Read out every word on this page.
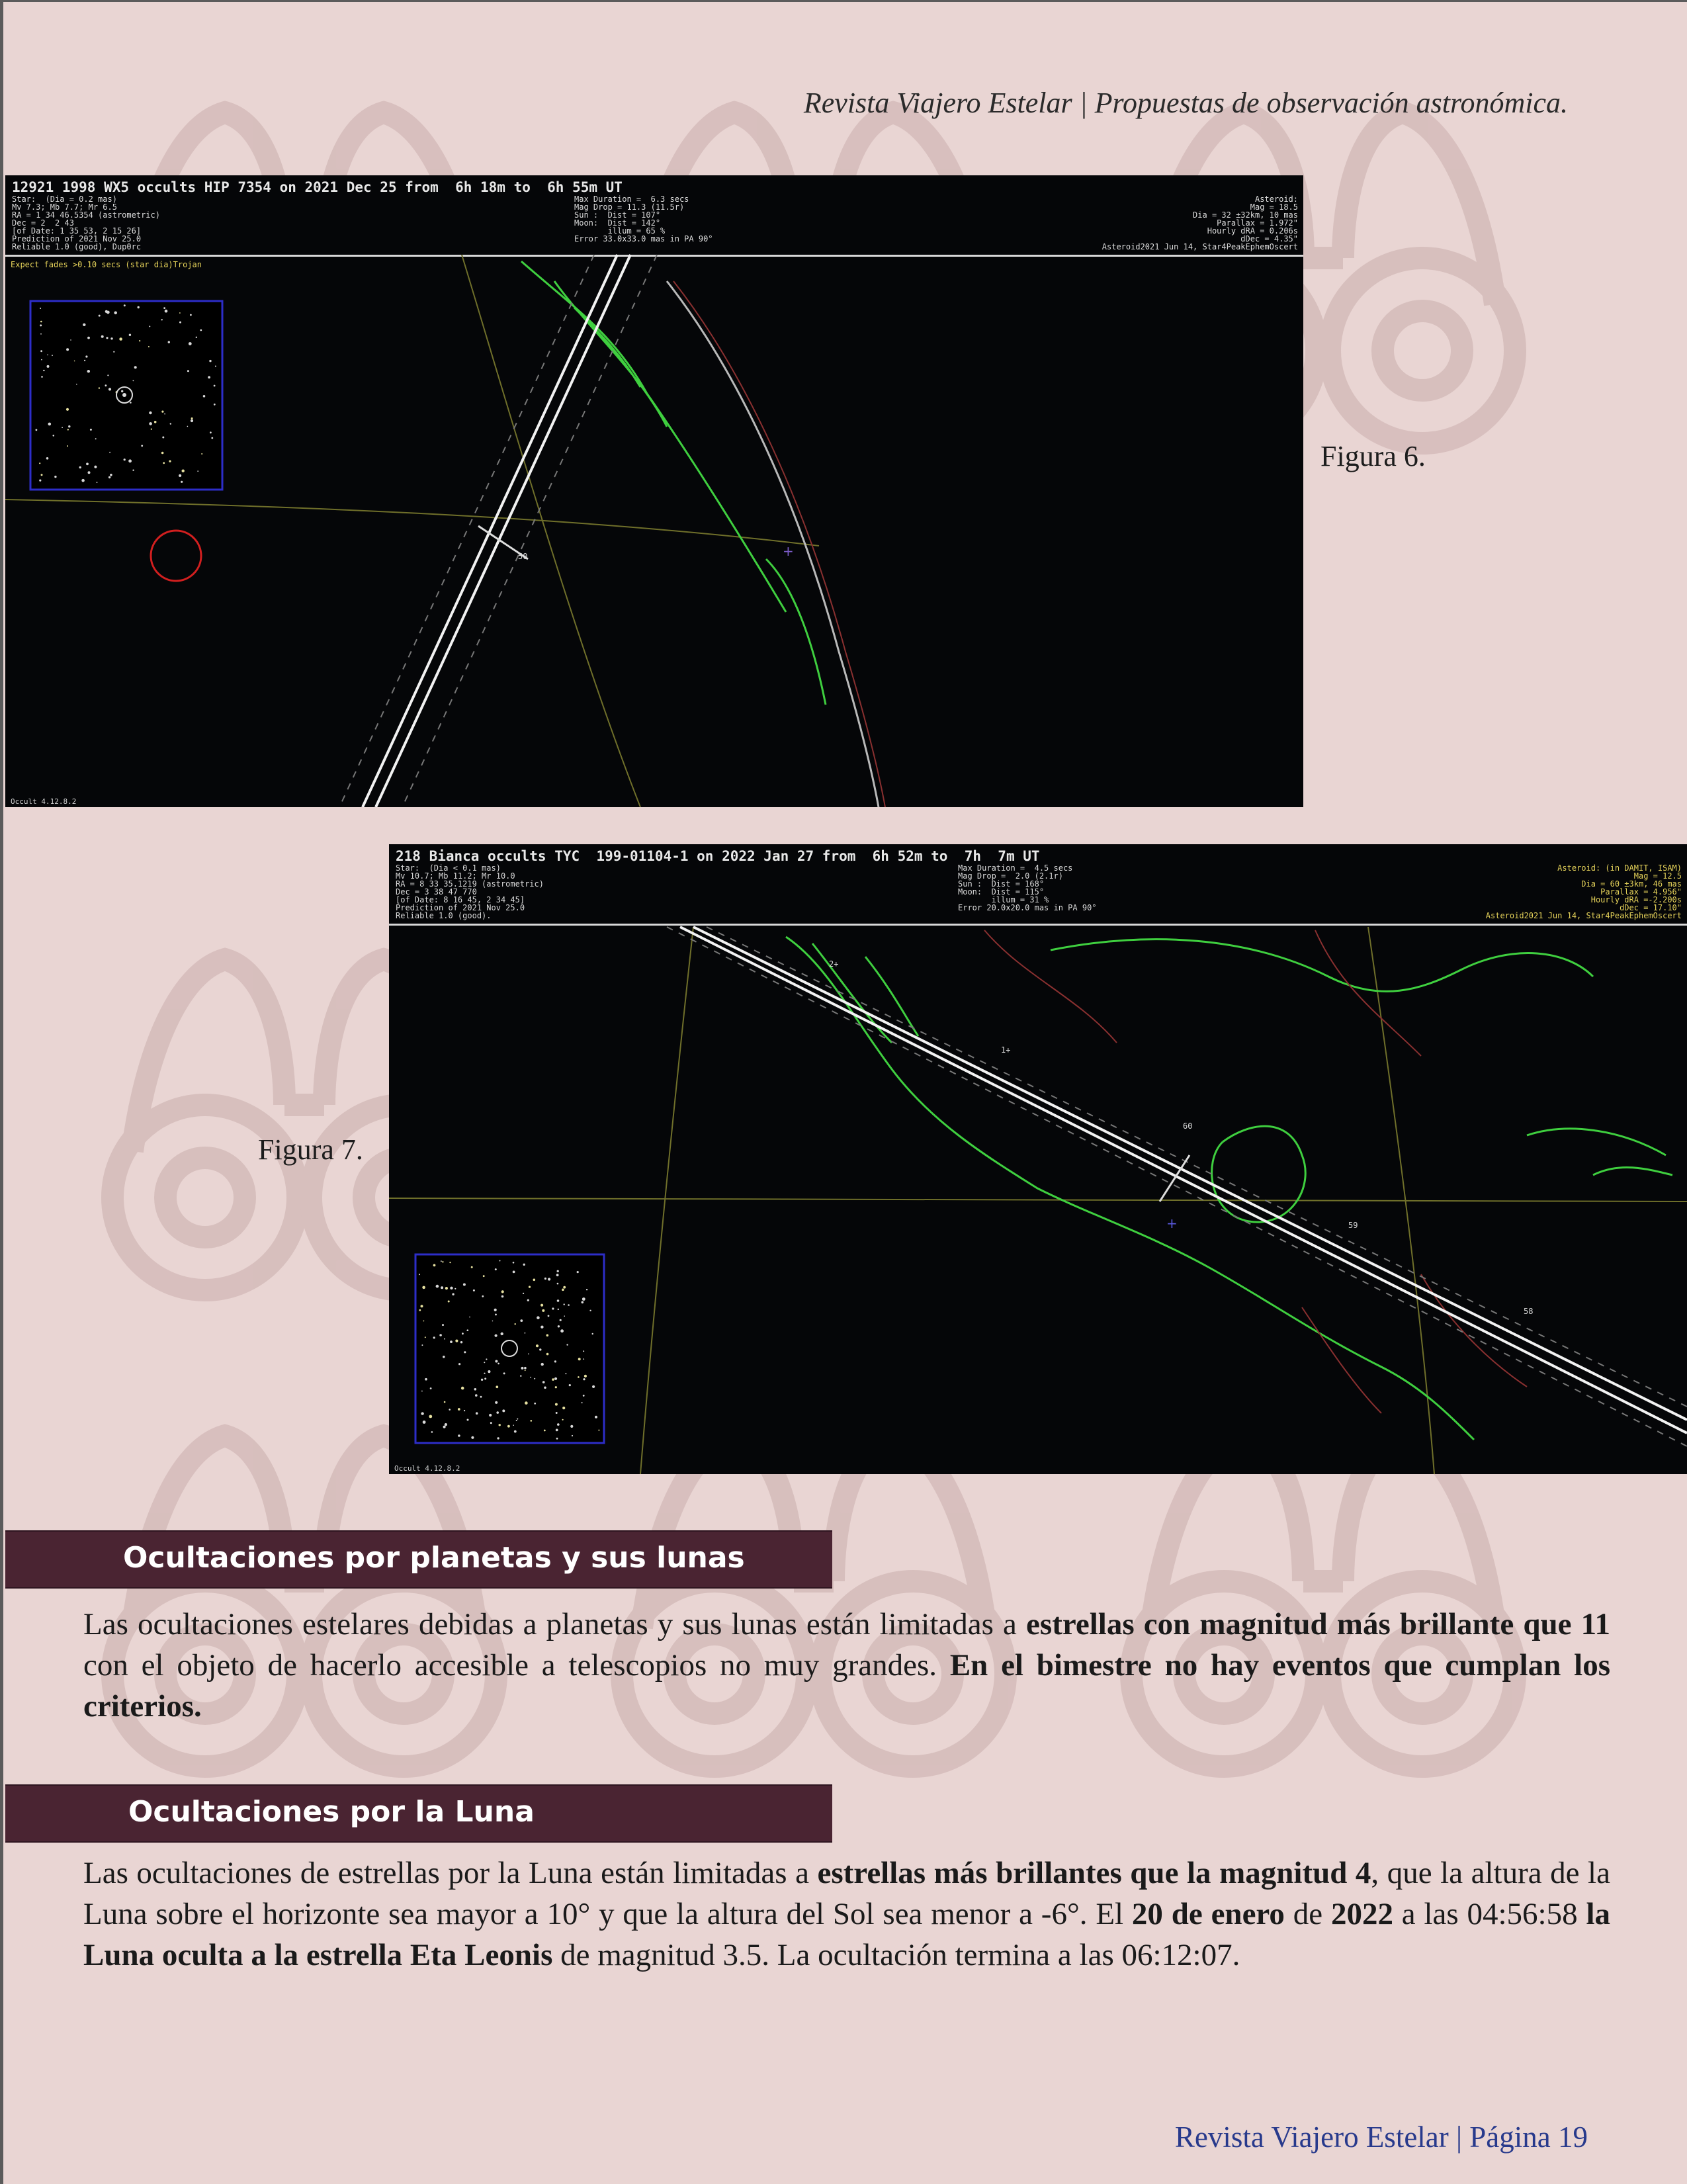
Revista Viajero Estelar | Propuestas de observación astronómica.
12921 1998 WX5 occults HIP 7354 on 2021 Dec 25 from  6h 18m to  6h 55m UT
Star:  (Dia = 0.2 mas)
Mv 7.3; Mb 7.7; Mr 6.5
RA = 1 34 46.5354 (astrometric)
Dec = 2  2 43
[of Date: 1 35 53, 2 15 26]
Prediction of 2021 Nov 25.0
Reliable 1.0 (good), Dup0rc
Max Duration =  6.3 secs
Mag Drop = 11.3 (11.5r)
Sun :  Dist = 107°
Moon:  Dist = 142°
illum = 65 %
Error 33.0x33.0 mas in PA 90°
Asteroid:
Mag = 18.5
Dia = 32 ±32km, 10 mas
Parallax = 1.972"
Hourly dRA = 0.206s
dDec = 4.35"
Asteroid2021 Jun 14, Star4PeakEphemOscert
Expect fades >0.10 secs (star dia)Trojan
50	+
Occult 4.12.8.2
Figura 6.
218 Bianca occults TYC  199-01104-1 on 2022 Jan 27 from  6h 52m to  7h  7m UT
Star:  (Dia < 0.1 mas)
Mv 10.7; Mb 11.2; Mr 10.0
RA = 8 33 35.1219 (astrometric)
Dec = 3 38 47 770
[of Date: 8 16 45, 2 34 45]
Prediction of 2021 Nov 25.0
Reliable 1.0 (good).
Max Duration =  4.5 secs
Mag Drop =  2.0 (2.1r)
Sun :  Dist = 168°
Moon:  Dist = 115°
illum = 31 %
Error 20.0x20.0 mas in PA 90°
Asteroid: (in DAMIT, ISAM)
Mag = 12.5
Dia = 60 ±3km, 46 mas
Parallax = 4.956"
Hourly dRA =-2.200s
dDec = 17.10"
Asteroid2021 Jun 14, Star4PeakEphemOscert
2+
1+
60
59
58
+
Occult 4.12.8.2
Figura 7.
Ocultaciones por planetas y sus lunas
Las ocultaciones estelares debidas a planetas y sus lunas están limitadas a estrellas con magnitud más brillante que 11 con el objeto de hacerlo accesible a telescopios no muy grandes. En el bimestre no hay eventos que cumplan los criterios.
Ocultaciones por la Luna
Las ocultaciones de estrellas por la Luna están limitadas a estrellas más brillantes que la magnitud 4, que la altura de la Luna sobre el horizonte sea mayor a 10° y que la altura del Sol sea menor a -6°. El 20 de enero de 2022 a las 04:56:58 la Luna oculta a la estrella Eta Leonis de magnitud 3.5. La ocultación termina a las 06:12:07.
Revista Viajero Estelar | Página 19
